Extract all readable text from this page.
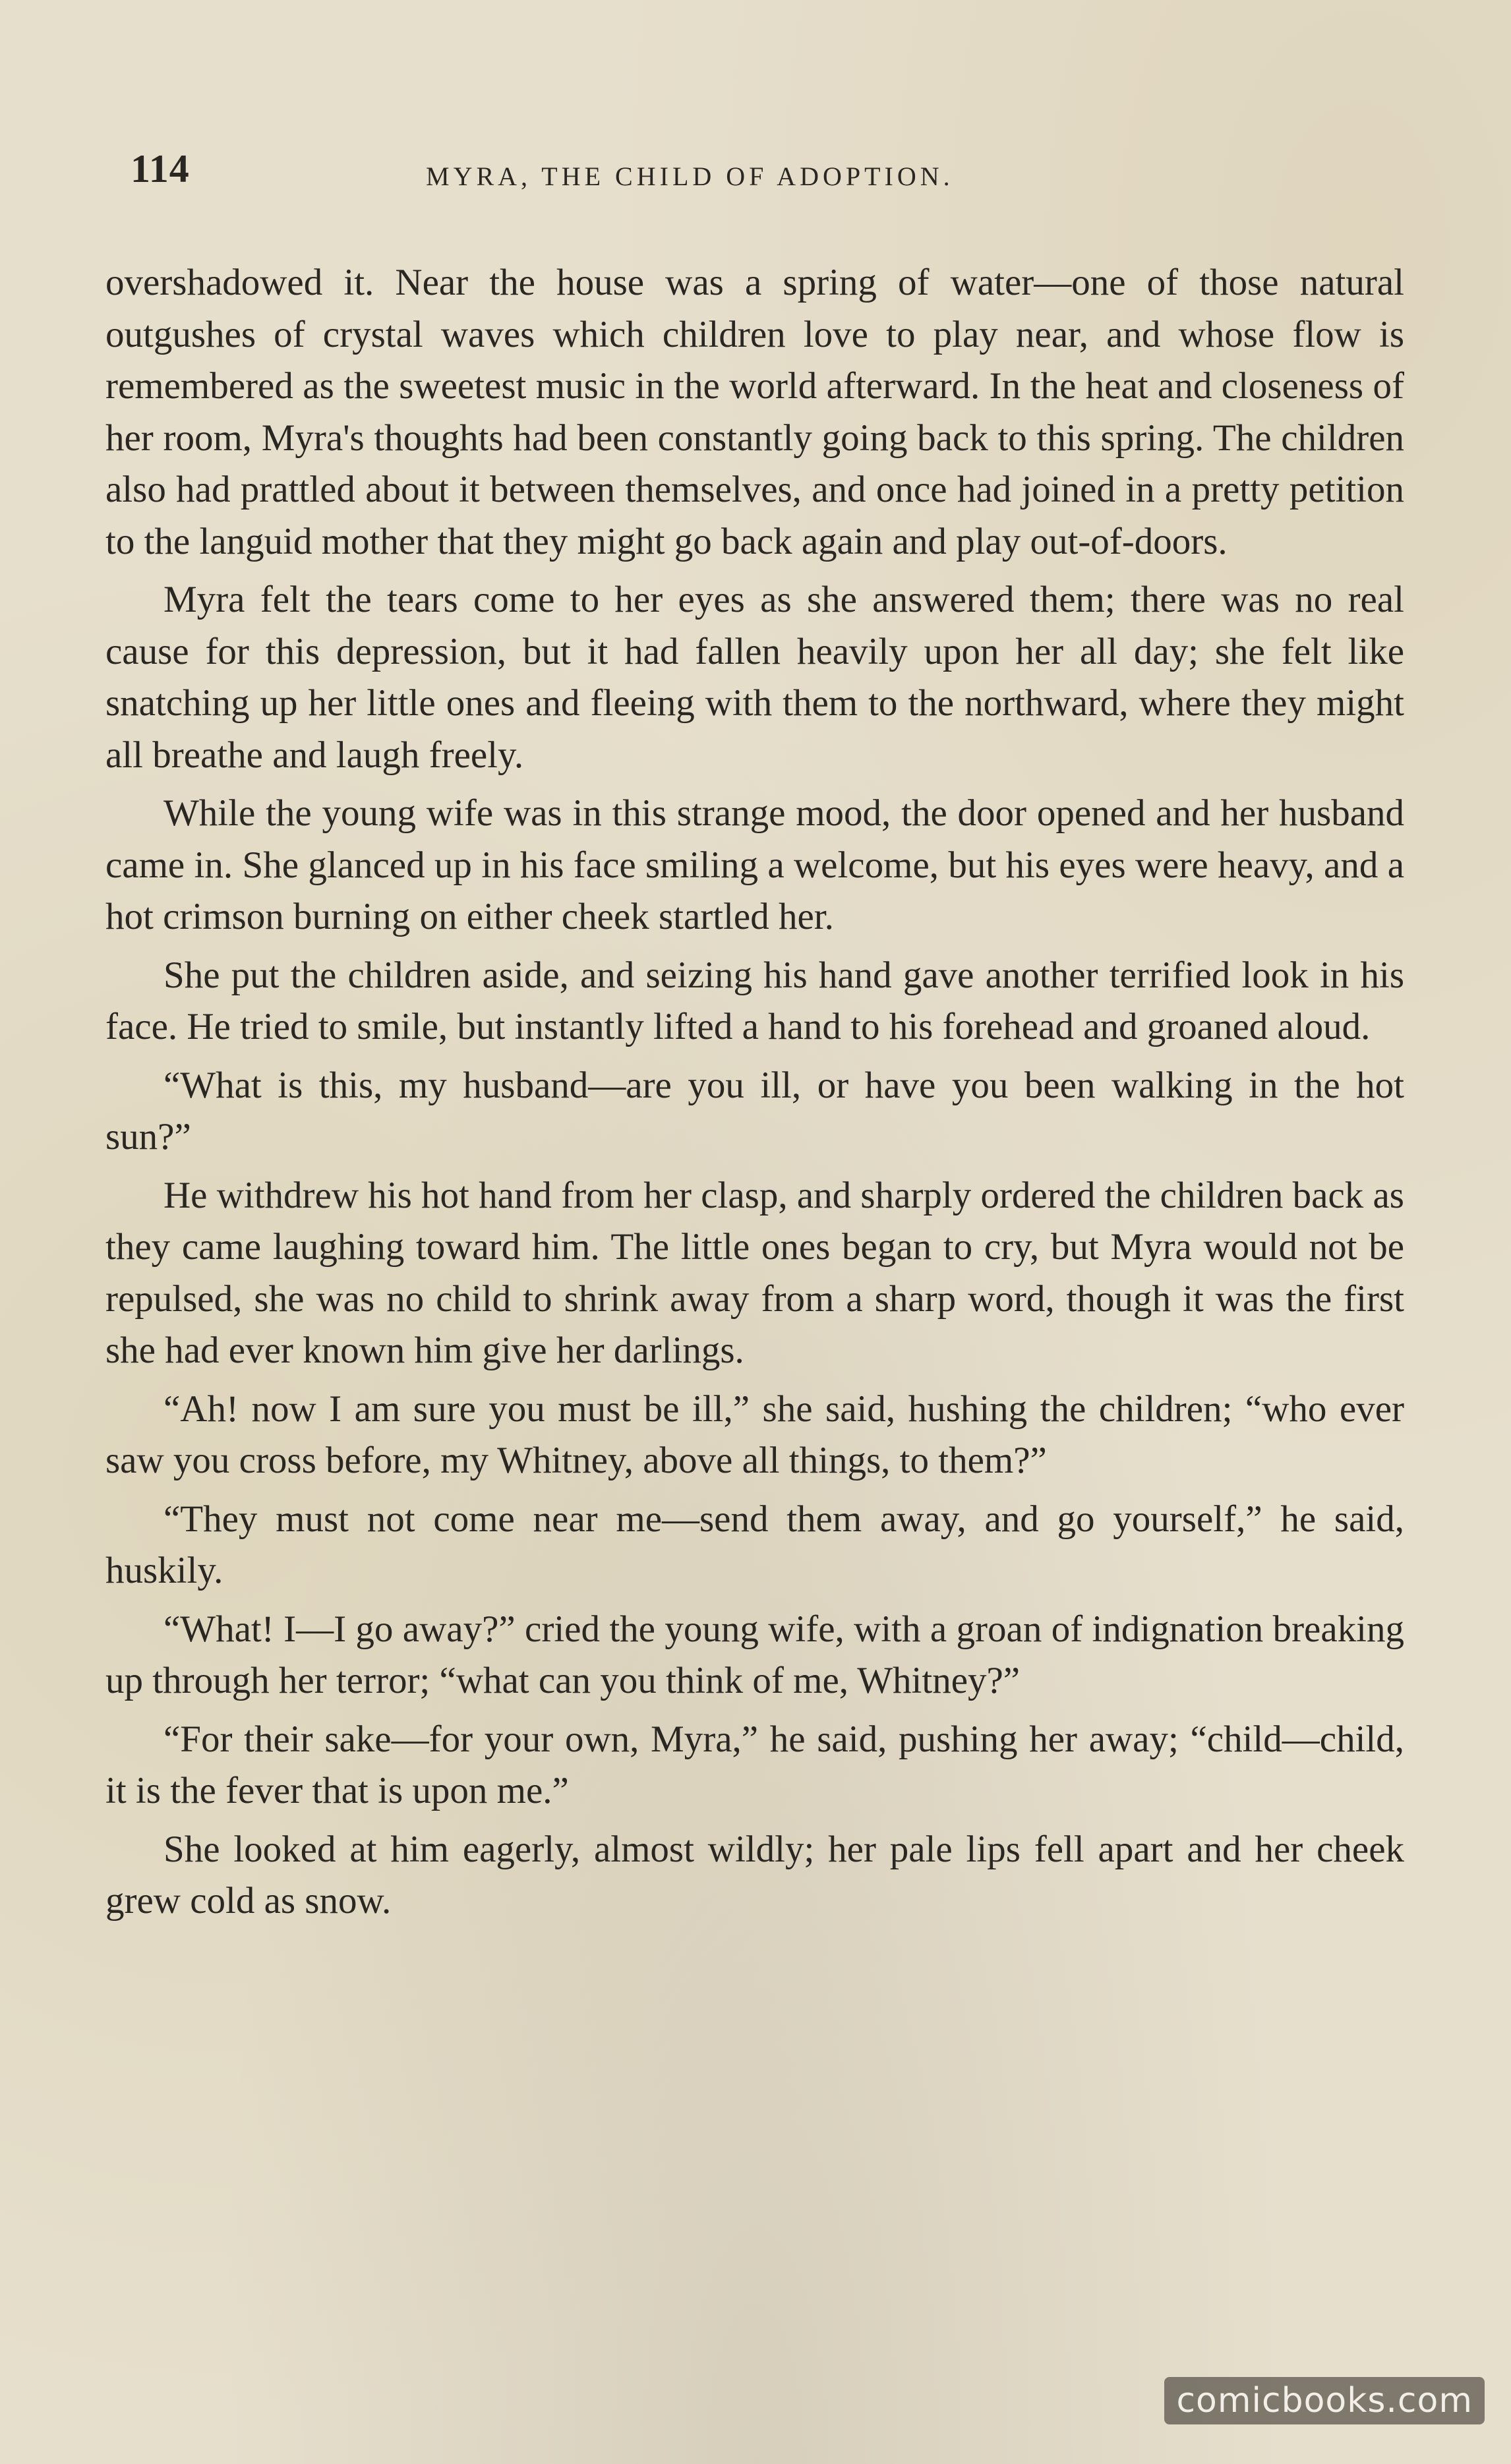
114	MYRA, THE CHILD OF ADOPTION.

overshadowed it. Near the house was a spring of water—one of those natural outgushes of crystal waves which children love to play near, and whose flow is remembered as the sweetest music in the world afterward. In the heat and closeness of her room, Myra's thoughts had been constantly going back to this spring. The children also had prattled about it between themselves, and once had joined in a pretty petition to the languid mother that they might go back again and play out-of-doors.

Myra felt the tears come to her eyes as she answered them; there was no real cause for this depression, but it had fallen heavily upon her all day; she felt like snatching up her little ones and fleeing with them to the northward, where they might all breathe and laugh freely.

While the young wife was in this strange mood, the door opened and her husband came in. She glanced up in his face smiling a welcome, but his eyes were heavy, and a hot crimson burning on either cheek startled her.

She put the children aside, and seizing his hand gave another terrified look in his face. He tried to smile, but instantly lifted a hand to his forehead and groaned aloud.

“What is this, my husband—are you ill, or have you been walking in the hot sun?”

He withdrew his hot hand from her clasp, and sharply ordered the children back as they came laughing toward him. The little ones began to cry, but Myra would not be repulsed, she was no child to shrink away from a sharp word, though it was the first she had ever known him give her darlings.

“Ah! now I am sure you must be ill,” she said, hushing the children; “who ever saw you cross before, my Whitney, above all things, to them?”

“They must not come near me—send them away, and go yourself,” he said, huskily.

“What! I—I go away?” cried the young wife, with a groan of indignation breaking up through her terror; “what can you think of me, Whitney?”

“For their sake—for your own, Myra,” he said, pushing her away; “child—child, it is the fever that is upon me.”

She looked at him eagerly, almost wildly; her pale lips fell apart and her cheek grew cold as snow.

comicbooks.com
